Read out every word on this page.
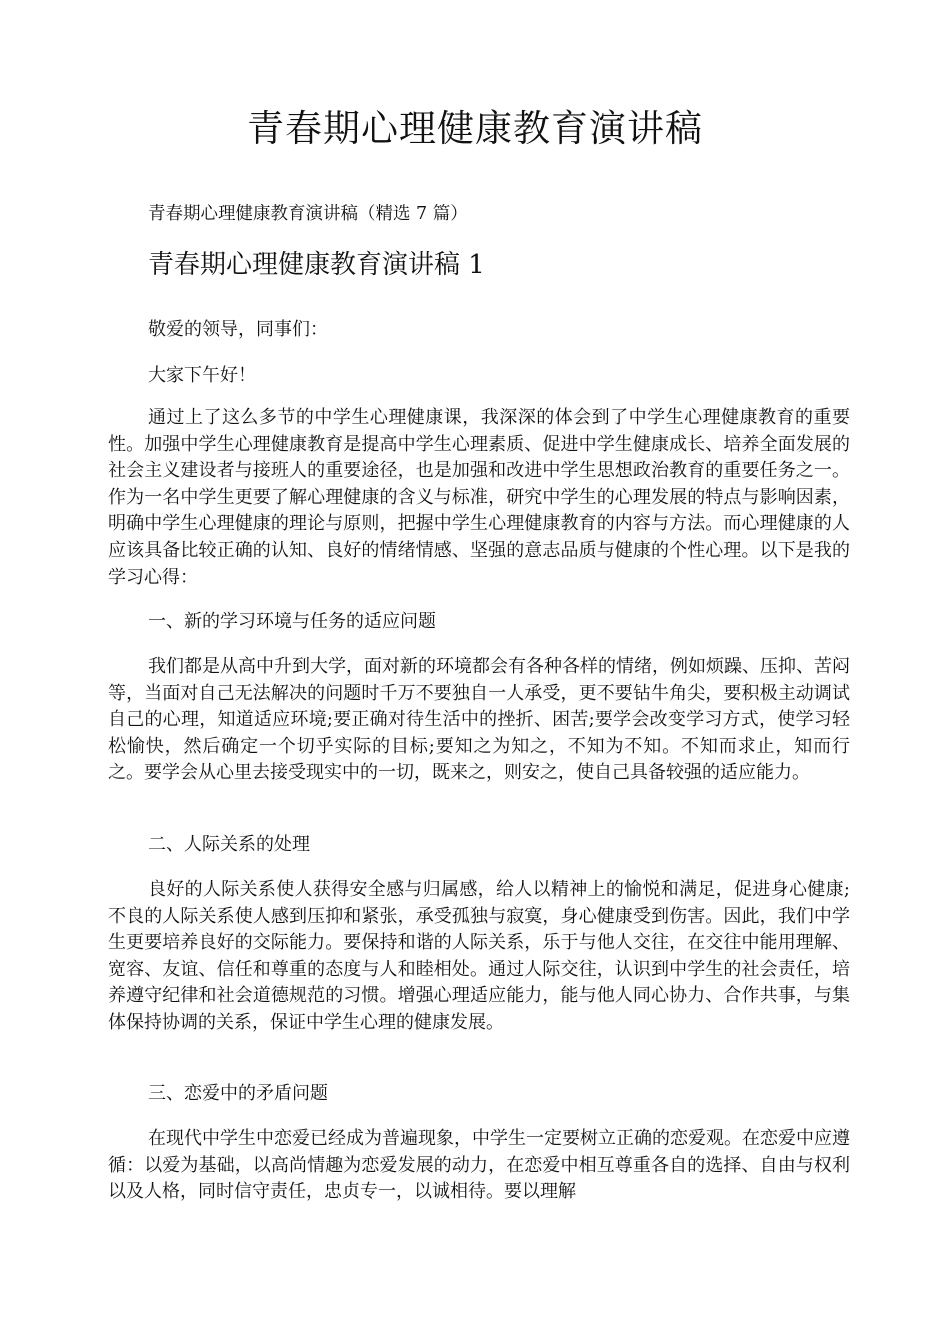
青春期心理健康教育演讲稿

青春期心理健康教育演讲稿（精选 7 篇）

青春期心理健康教育演讲稿 1

敬爱的领导，同事们：

大家下午好！

通过上了这么多节的中学生心理健康课，我深深的体会到了中学生心理健康教育的重要性。加强中学生心理健康教育是提高中学生心理素质、促进中学生健康成长、培养全面发展的社会主义建设者与接班人的重要途径，也是加强和改进中学生思想政治教育的重要任务之一。作为一名中学生更要了解心理健康的含义与标准，研究中学生的心理发展的特点与影响因素，明确中学生心理健康的理论与原则，把握中学生心理健康教育的内容与方法。而心理健康的人应该具备比较正确的认知、良好的情绪情感、坚强的意志品质与健康的个性心理。以下是我的学习心得：

一、新的学习环境与任务的适应问题

我们都是从高中升到大学，面对新的环境都会有各种各样的情绪，例如烦躁、压抑、苦闷等，当面对自己无法解决的问题时千万不要独自一人承受，更不要钻牛角尖，要积极主动调试自己的心理，知道适应环境;要正确对待生活中的挫折、困苦;要学会改变学习方式，使学习轻松愉快，然后确定一个切乎实际的目标;要知之为知之，不知为不知。不知而求止，知而行之。要学会从心里去接受现实中的一切，既来之，则安之，使自己具备较强的适应能力。

二、人际关系的处理

良好的人际关系使人获得安全感与归属感，给人以精神上的愉悦和满足，促进身心健康;不良的人际关系使人感到压抑和紧张，承受孤独与寂寞，身心健康受到伤害。因此，我们中学生更要培养良好的交际能力。要保持和谐的人际关系，乐于与他人交往，在交往中能用理解、宽容、友谊、信任和尊重的态度与人和睦相处。通过人际交往，认识到中学生的社会责任，培养遵守纪律和社会道德规范的习惯。增强心理适应能力，能与他人同心协力、合作共事，与集体保持协调的关系，保证中学生心理的健康发展。

三、恋爱中的矛盾问题

在现代中学生中恋爱已经成为普遍现象，中学生一定要树立正确的恋爱观。在恋爱中应遵循：以爱为基础，以高尚情趣为恋爱发展的动力，在恋爱中相互尊重各自的选择、自由与权利以及人格，同时信守责任，忠贞专一，以诚相待。要以理解
